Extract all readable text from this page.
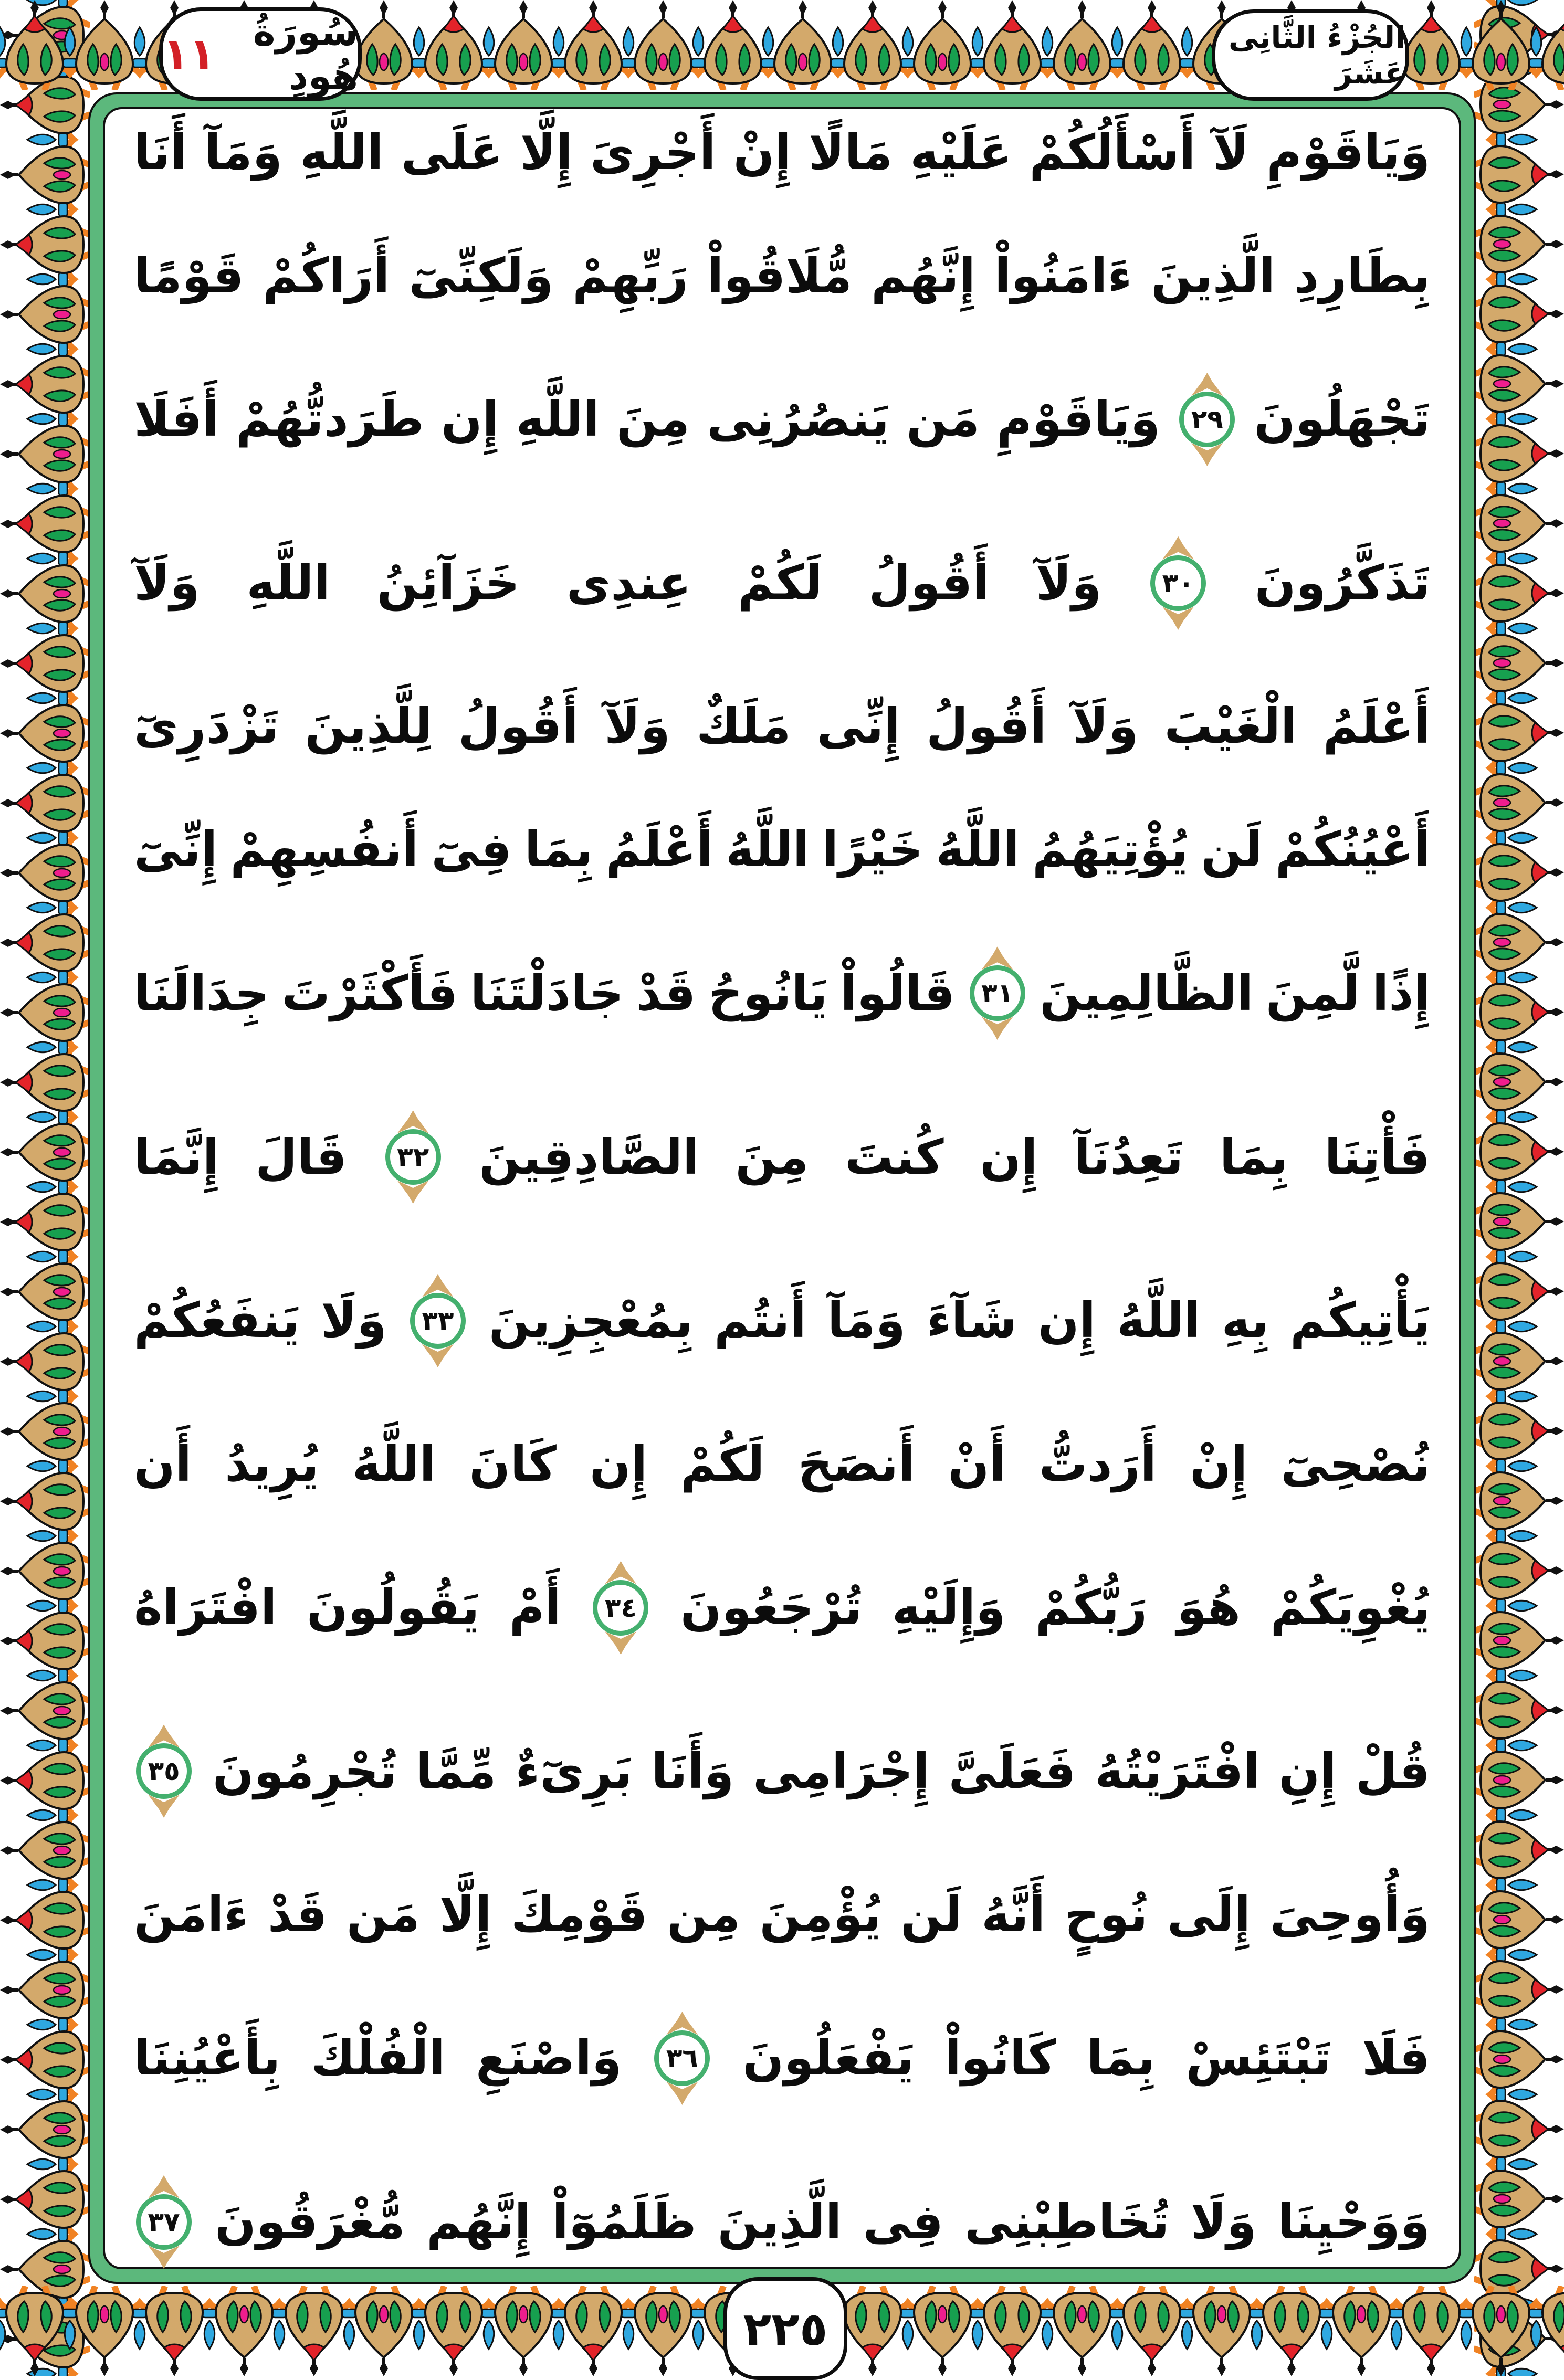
سُورَةُ هُودٍ
١١	الجُزْءُ الثَّانِى عَشَرَ
٢٢٥
وَيَاقَوْمِ
لَآ
أَسْأَلُكُمْ
عَلَيْهِ
مَالًا
إِنْ
أَجْرِىَ
إِلَّا
عَلَى
اللَّهِ
وَمَآ
أَنَا
بِطَارِدِ
الَّذِينَ
ءَامَنُواْ
إِنَّهُم
مُّلَاقُواْ
رَبِّهِمْ
وَلَكِنِّىٓ
أَرَاكُمْ
قَوْمًا
تَجْهَلُونَ
٢٩
وَيَاقَوْمِ
مَن
يَنصُرُنِى
مِنَ
اللَّهِ
إِن
طَرَدتُّهُمْ
أَفَلَا
تَذَكَّرُونَ
٣٠
وَلَآ
أَقُولُ
لَكُمْ
عِندِى
خَزَآئِنُ
اللَّهِ
وَلَآ
أَعْلَمُ
الْغَيْبَ
وَلَآ
أَقُولُ
إِنِّى
مَلَكٌ
وَلَآ
أَقُولُ
لِلَّذِينَ
تَزْدَرِىٓ
أَعْيُنُكُمْ
لَن
يُؤْتِيَهُمُ
اللَّهُ
خَيْرًا
اللَّهُ
أَعْلَمُ
بِمَا
فِىٓ
أَنفُسِهِمْ
إِنِّىٓ
إِذًا
لَّمِنَ
الظَّالِمِينَ
٣١
قَالُواْ
يَانُوحُ
قَدْ
جَادَلْتَنَا
فَأَكْثَرْتَ
جِدَالَنَا
فَأْتِنَا
بِمَا
تَعِدُنَآ
إِن
كُنتَ
مِنَ
الصَّادِقِينَ
٣٢
قَالَ
إِنَّمَا
يَأْتِيكُم
بِهِ
اللَّهُ
إِن
شَآءَ
وَمَآ
أَنتُم
بِمُعْجِزِينَ
٣٣
وَلَا
يَنفَعُكُمْ
نُصْحِىٓ
إِنْ
أَرَدتُّ
أَنْ
أَنصَحَ
لَكُمْ
إِن
كَانَ
اللَّهُ
يُرِيدُ
أَن
يُغْوِيَكُمْ
هُوَ
رَبُّكُمْ
وَإِلَيْهِ
تُرْجَعُونَ
٣٤
أَمْ
يَقُولُونَ
افْتَرَاهُ
قُلْ
إِنِ
افْتَرَيْتُهُ
فَعَلَىَّ
إِجْرَامِى
وَأَنَا
بَرِىٓءٌ
مِّمَّا
تُجْرِمُونَ
٣٥
وَأُوحِىَ
إِلَى
نُوحٍ
أَنَّهُ
لَن
يُؤْمِنَ
مِن
قَوْمِكَ
إِلَّا
مَن
قَدْ
ءَامَنَ
فَلَا
تَبْتَئِسْ
بِمَا
كَانُواْ
يَفْعَلُونَ
٣٦
وَاصْنَعِ
الْفُلْكَ
بِأَعْيُنِنَا
وَوَحْيِنَا
وَلَا
تُخَاطِبْنِى
فِى
الَّذِينَ
ظَلَمُوٓاْ
إِنَّهُم
مُّغْرَقُونَ
٣٧
